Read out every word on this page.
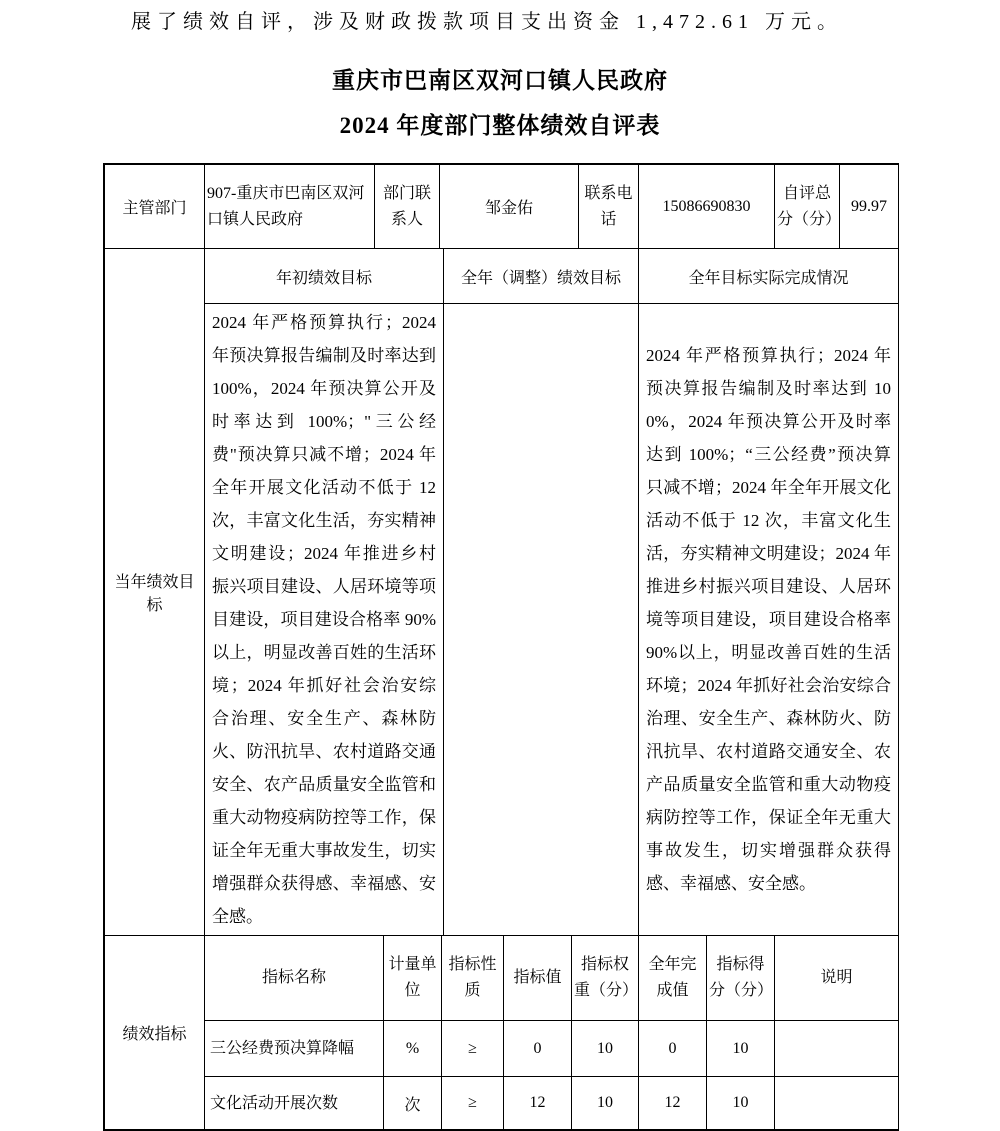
展了绩效自评，涉及财政拨款项目支出资金 1,472.61 万元。
重庆市巴南区双河口镇人民政府
2024 年度部门整体绩效自评表
主管部门	907-重庆市巴南区双河口镇人民政府	部门联系人	邹金佑	联系电话	15086690830	自评总分（分）	99.97
当年绩效目标	年初绩效目标	全年（调整）绩效目标	全年目标实际完成情况
2024 年严格预算执行；2024 年预决算报告编制及时率达到 100%，2024 年预决算公开及时率达到 100%；"三公经费"预决算只减不增；2024 年全年开展文化活动不低于 12 次，丰富文化生活，夯实精神文明建设；2024 年推进乡村振兴项目建设、人居环境等项目建设，项目建设合格率 90%以上，明显改善百姓的生活环境；2024 年抓好社会治安综合治理、安全生产、森林防火、防汛抗旱、农村道路交通安全、农产品质量安全监管和重大动物疫病防控等工作，保证全年无重大事故发生，切实增强群众获得感、幸福感、安全感。		2024 年严格预算执行；2024 年预决算报告编制及时率达到 100%，2024 年预决算公开及时率达到 100%；“三公经费”预决算只减不增；2024 年全年开展文化活动不低于 12 次，丰富文化生活，夯实精神文明建设；2024 年推进乡村振兴项目建设、人居环境等项目建设，项目建设合格率 90%以上，明显改善百姓的生活环境；2024 年抓好社会治安综合治理、安全生产、森林防火、防汛抗旱、农村道路交通安全、农产品质量安全监管和重大动物疫病防控等工作，保证全年无重大事故发生，切实增强群众获得感、幸福感、安全感。
绩效指标	指标名称	计量单位	指标性质	指标值	指标权重（分）	全年完成值	指标得分（分）	说明
	三公经费预决算降幅	%	≥	0	10	0	10	
	文化活动开展次数	次	≥	12	10	12	10	
